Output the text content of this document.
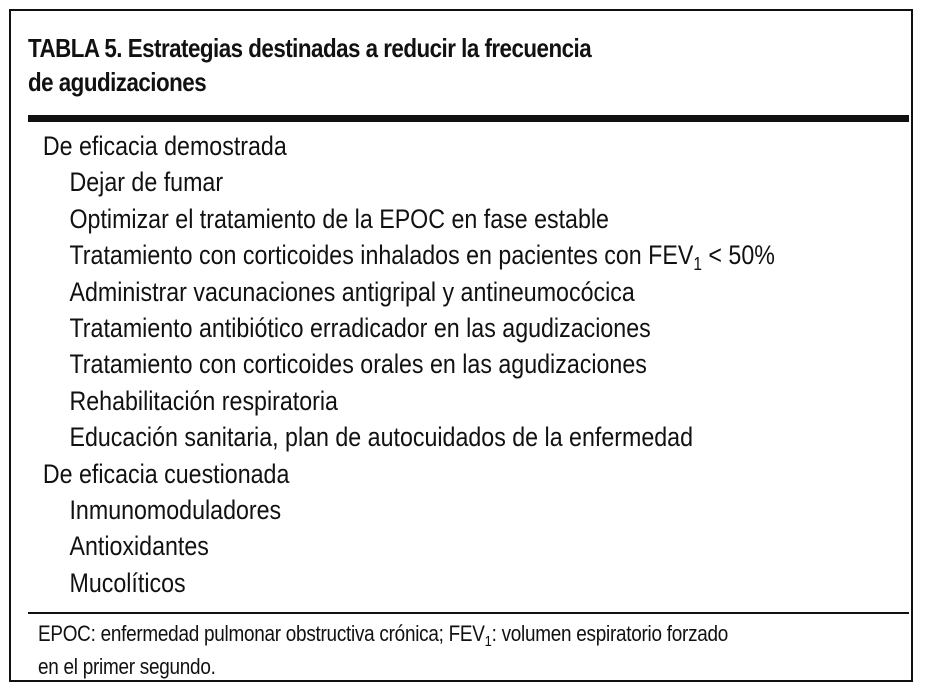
TABLA 5. Estrategias destinadas a reducir la frecuencia
de agudizaciones
De eficacia demostrada
Dejar de fumar
Optimizar el tratamiento de la EPOC en fase estable
Tratamiento con corticoides inhalados en pacientes con $FEV_1 < 50\%$
Administrar vacunaciones antigripal y antineumocócica
Tratamiento antibiótico erradicador en las agudizaciones
Tratamiento con corticoides orales en las agudizaciones
Rehabilitación respiratoria
Educación sanitaria, plan de autocuidados de la enfermedad
De eficacia cuestionada
Inmunomoduladores
Antioxidantes
Mucolíticos
EPOC: enfermedad pulmonar obstructiva crónica; $FEV_1$: volumen espiratorio forzado
en el primer segundo.
